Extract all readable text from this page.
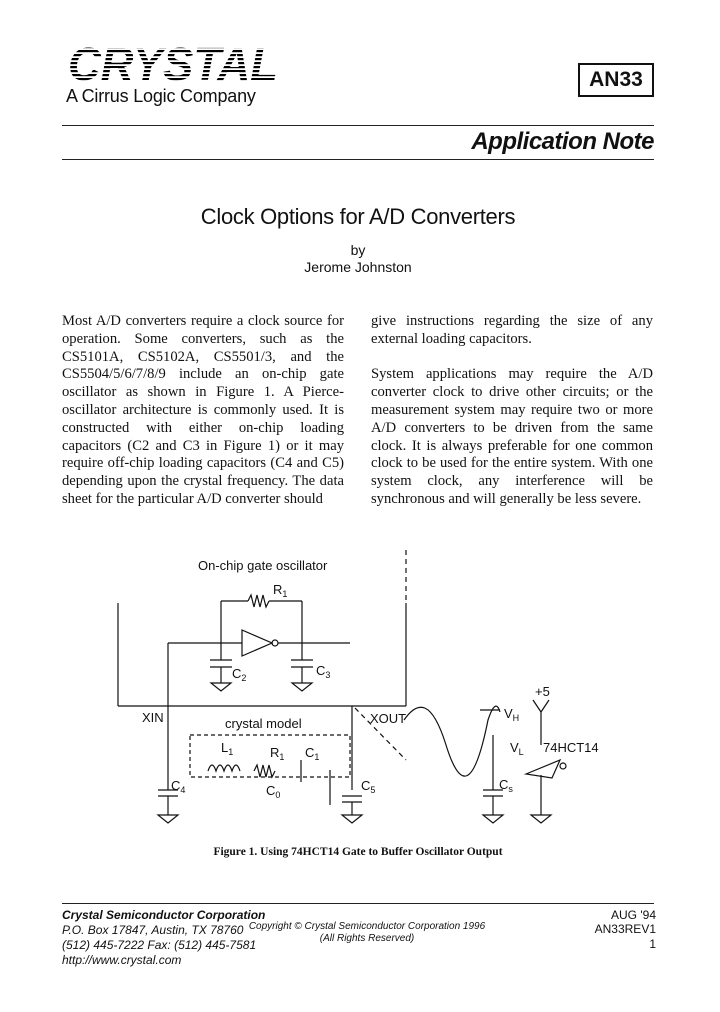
CRYSTAL
A Cirrus Logic Company
AN33
Application Note
Clock Options for A/D Converters
by
Jerome Johnston

Most A/D converters require a clock source for operation. Some converters, such as the CS5101A, CS5102A, CS5501/3, and the CS5504/5/6/7/8/9 include an on-chip gate oscillator as shown in Figure 1. A Pierce-oscillator architecture is commonly used. It is constructed with either on-chip loading capacitors (C2 and C3 in Figure 1) or it may require off-chip loading capacitors (C4 and C5) depending upon the crystal frequency. The data sheet for the particular A/D converter should

give instructions regarding the size of any external loading capacitors.

System applications may require the A/D converter clock to drive other circuits; or the measurement system may require two or more A/D converters to be driven from the same clock. It is always preferable for one common clock to be used for the entire system. With one system clock, any interference will be synchronous and will generally be less severe.

On-chip gate oscillator
$R_1$
$C_2$	$C_3$
XIN	XOUT
crystal model
$L_1$	$R_1$ $C_1$
$C_0$
$C_4$	$C_5$	$C_s$
$V_H$
$V_L$
+5
74HCT14
Figure 1. Using 74HCT14 Gate to Buffer Oscillator Output
Crystal Semiconductor Corporation
P.O. Box 17847, Austin, TX 78760
(512) 445-7222 Fax: (512) 445-7581
http://www.crystal.com
Copyright © Crystal Semiconductor Corporation 1996
(All Rights Reserved)
AUG '94
AN33REV1
1
